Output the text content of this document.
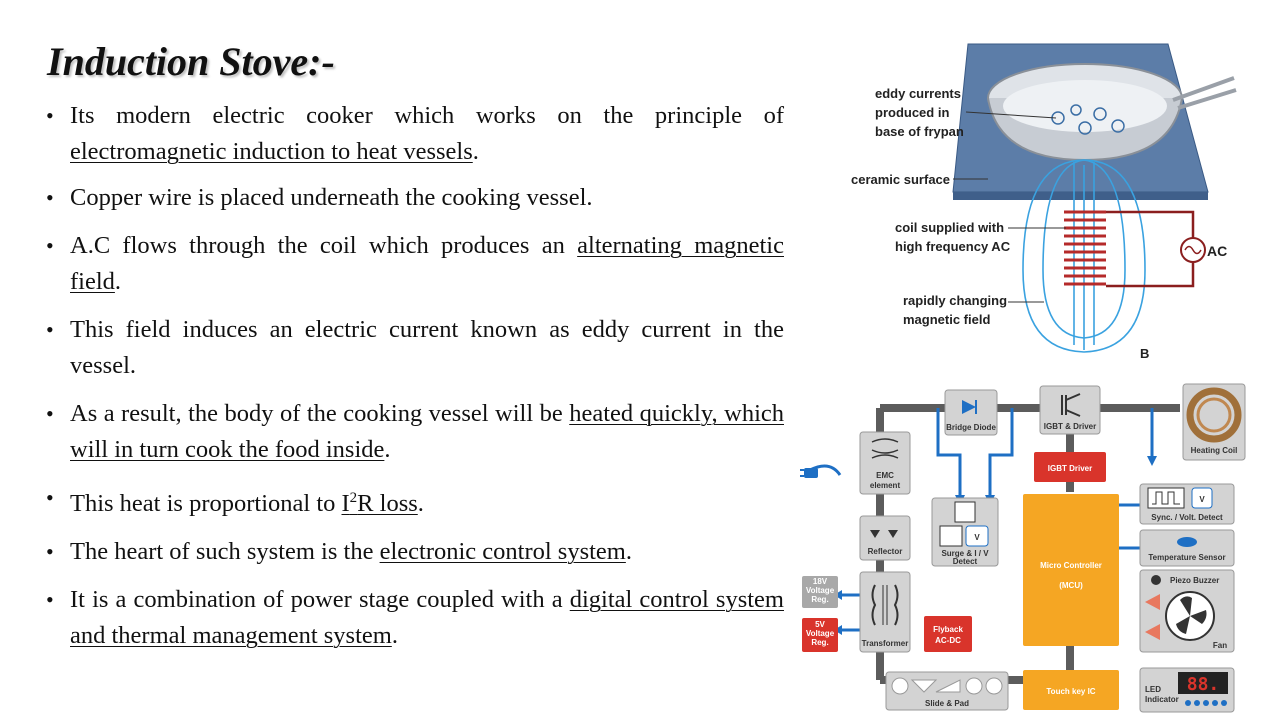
Induction Stove:-
• Its modern electric cooker which works on the principle of electromagnetic induction to heat vessels.
• Copper wire is placed underneath the cooking vessel.
• A.C flows through the coil which produces an alternating magnetic field.
• This field induces an electric current known as eddy current in the vessel.
• As a result, the body of the cooking vessel will be heated quickly, which will in turn cook the food inside.
• This heat is proportional to $I^2R$ loss.
• The heart of such system is the electronic control system.
• It is a combination of power stage coupled with a digital control system and thermal management system.
AC
eddy currents
produced in
base of frypan
ceramic surface
coil supplied with
high frequency AC
rapidly changing
magnetic field
B
Bridge Diode	IGBT & Driver
Heating Coil
EMC
element
IGBT Driver
V
Sync. / Volt. Detect
V
Surge & I / V
Detect	Temperature Sensor
Reflector
Micro Controller
(MCU)
Piezo Buzzer
Fan
18V
Voltage
Reg.
5V
Voltage
Reg.	Transformer
Flyback
AC-DC
Slide & Pad
Touch key IC	88.
LED
Indicator
